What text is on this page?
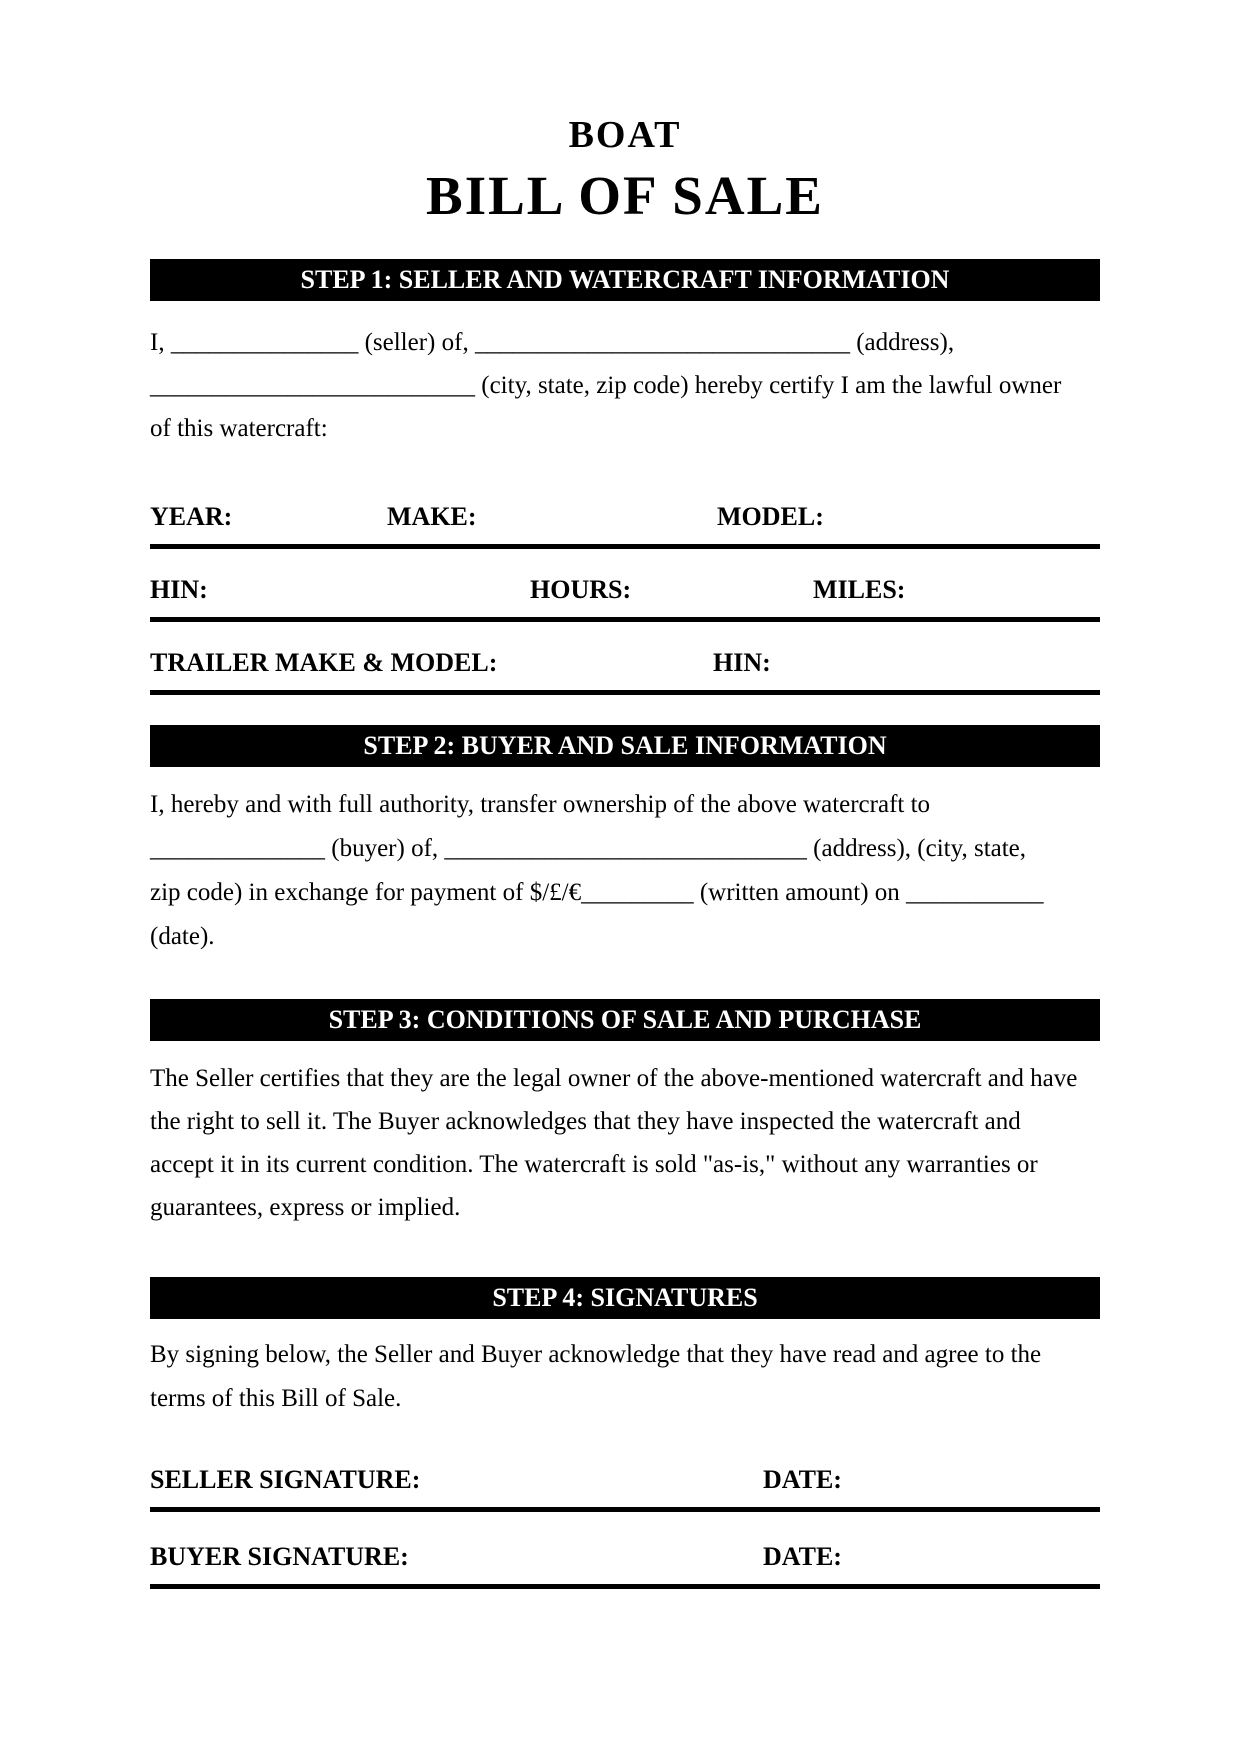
BOAT
BILL OF SALE
STEP 1: SELLER AND WATERCRAFT INFORMATION
I, _______________ (seller) of, ______________________________ (address),
__________________________ (city, state, zip code) hereby certify I am the lawful owner
of this watercraft:
YEAR:	MAKE:	MODEL:
HIN:	HOURS:	MILES:
TRAILER MAKE & MODEL:	HIN:
STEP 2: BUYER AND SALE INFORMATION
I, hereby and with full authority, transfer ownership of the above watercraft to
______________ (buyer) of, _____________________________ (address), (city, state,
zip code) in exchange for payment of $/£/€_________ (written amount) on ___________
(date).
STEP 3: CONDITIONS OF SALE AND PURCHASE
The Seller certifies that they are the legal owner of the above-mentioned watercraft and have
the right to sell it. The Buyer acknowledges that they have inspected the watercraft and
accept it in its current condition. The watercraft is sold "as-is," without any warranties or
guarantees, express or implied.
STEP 4: SIGNATURES
By signing below, the Seller and Buyer acknowledge that they have read and agree to the
terms of this Bill of Sale.
SELLER SIGNATURE:	DATE:
BUYER SIGNATURE:	DATE:
